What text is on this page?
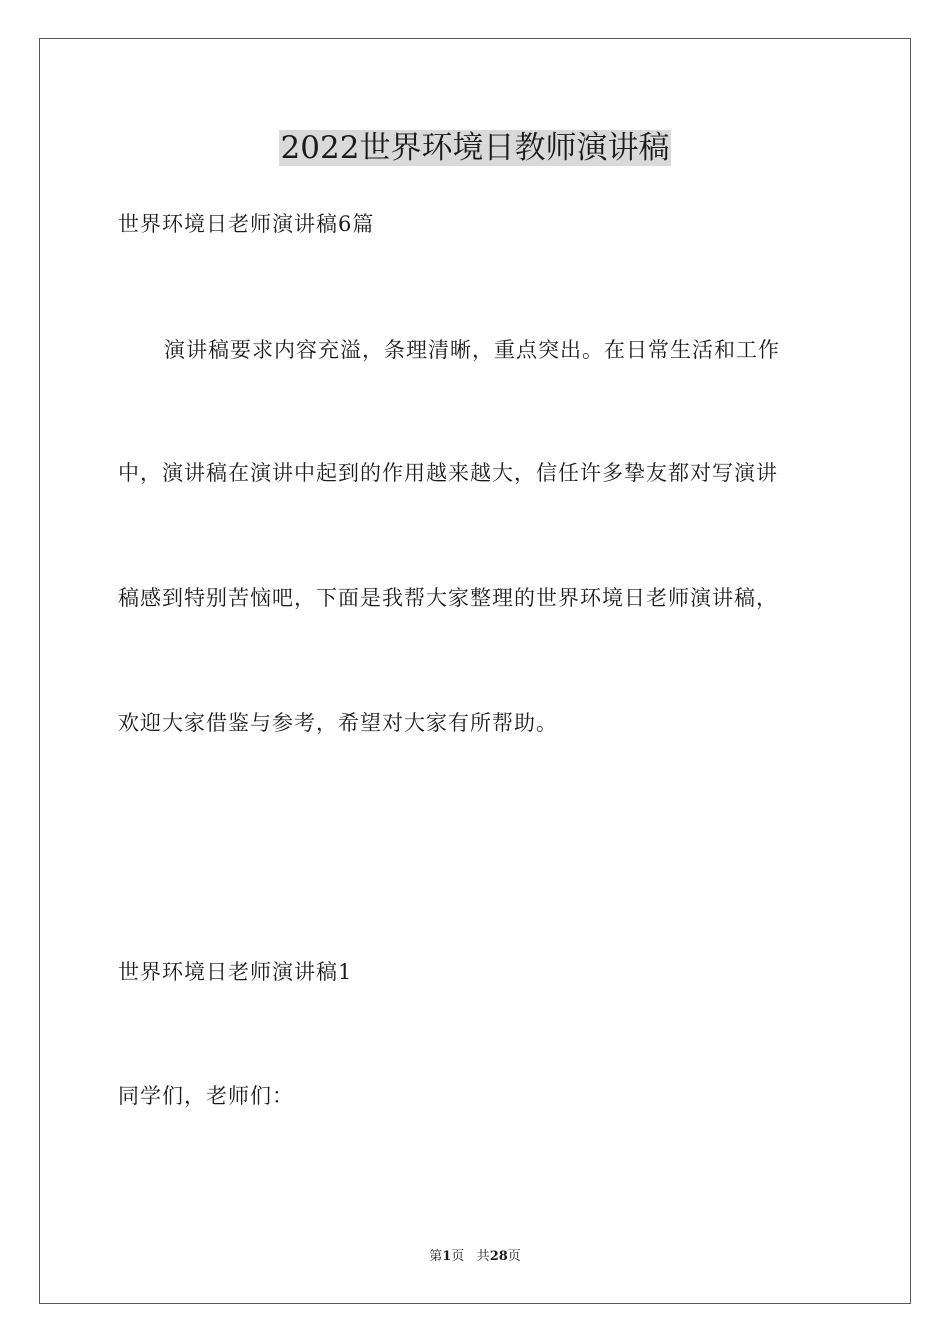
2022世界环境日教师演讲稿

世界环境日老师演讲稿6篇

演讲稿要求内容充溢，条理清晰，重点突出。在日常生活和工作

中，演讲稿在演讲中起到的作用越来越大，信任许多挚友都对写演讲

稿感到特别苦恼吧，下面是我帮大家整理的世界环境日老师演讲稿，

欢迎大家借鉴与参考，希望对大家有所帮助。

世界环境日老师演讲稿1

同学们，老师们：

第1页 共28页
